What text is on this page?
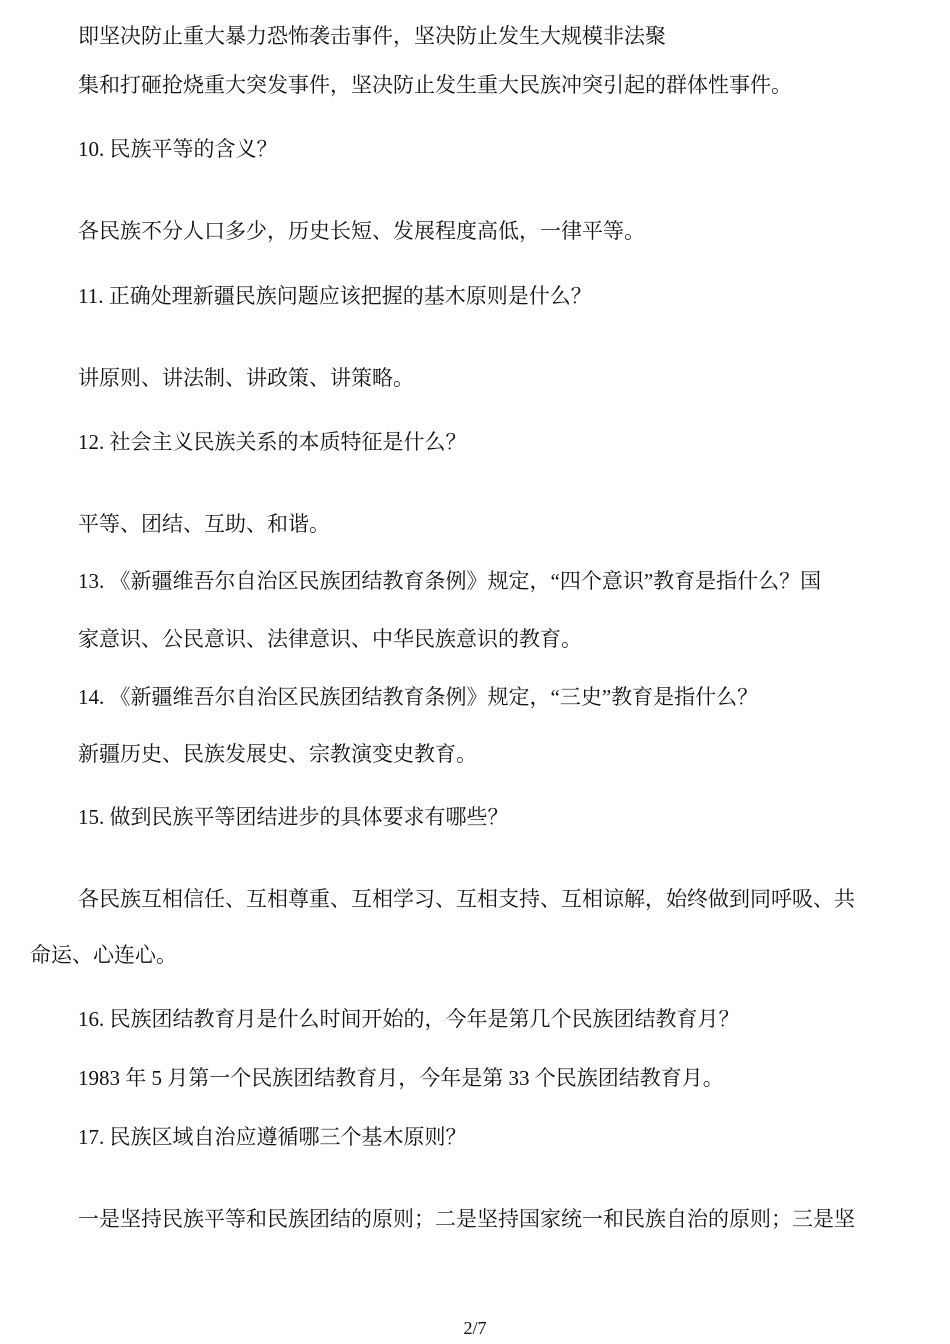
即坚决防止重大暴力恐怖袭击事件，坚决防止发生大规模非法聚
集和打砸抢烧重大突发事件，坚决防止发生重大民族冲突引起的群体性事件。
10. 民族平等的含义？
各民族不分人口多少，历史长短、发展程度高低，一律平等。
11. 正确处理新疆民族问题应该把握的基木原则是什么？
讲原则、讲法制、讲政策、讲策略。
12. 社会主义民族关系的本质特征是什么？
平等、团结、互助、和谐。
13. 《新疆维吾尔自治区民族团结教育条例》规定，“四个意识”教育是指什么？国
家意识、公民意识、法律意识、中华民族意识的教育。
14. 《新疆维吾尔自治区民族团结教育条例》规定，“三史”教育是指什么？
新疆历史、民族发展史、宗教演变史教育。
15. 做到民族平等团结进步的具体要求有哪些？
各民族互相信任、互相尊重、互相学习、互相支持、互相谅解，始终做到同呼吸、共
命运、心连心。
16. 民族团结教育月是什么时间开始的，今年是第几个民族团结教育月？
1983 年 5 月第一个民族团结教育月，今年是第 33 个民族团结教育月。
17. 民族区域自治应遵循哪三个基木原则？
一是坚持民族平等和民族团结的原则；二是坚持国家统一和民族自治的原则；三是坚
2/7
